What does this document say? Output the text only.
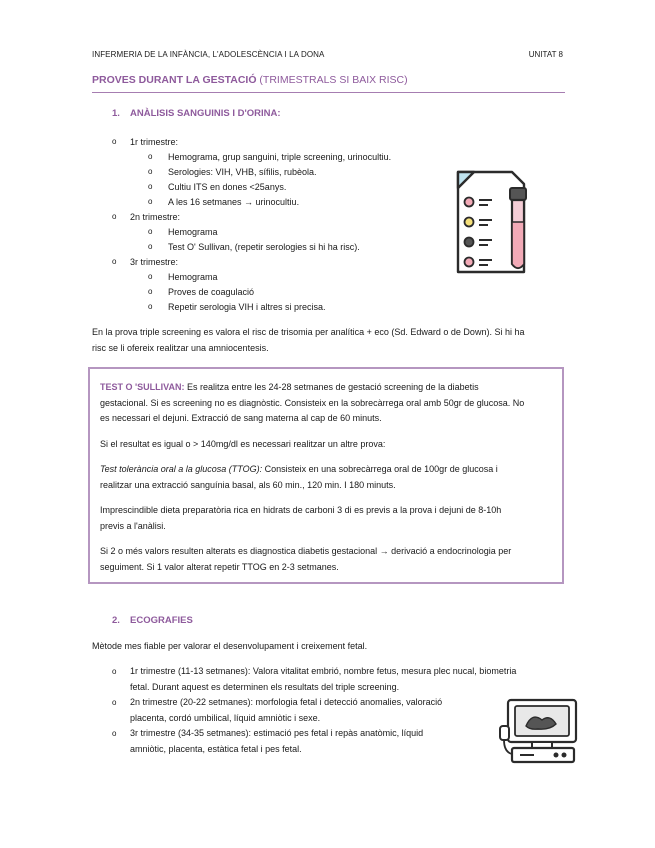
INFERMERIA DE LA INFÀNCIA, L'ADOLESCÈNCIA I LA DONA	UNITAT 8
PROVES DURANT LA GESTACIÓ (TRIMESTRALS SI BAIX RISC)
1. ANÀLISIS SANGUINIS I D'ORINA:
o 1r trimestre:
o Hemograma, grup sanguini, triple screening, urinocultiu.
o Serologies: VIH, VHB, sífilis, rubèola.
o Cultiu ITS en dones <25anys.
o A les 16 setmanes → urinocultiu.
o 2n trimestre:
o Hemograma
o Test O' Sullivan, (repetir serologies si hi ha risc).
o 3r trimestre:
o Hemograma
o Proves de coagulació
o Repetir serologia VIH i altres si precisa.
En la prova triple screening es valora el risc de trisomia per analítica + eco (Sd. Edward o de Down). Si hi ha
risc se li ofereix realitzar una amniocentesis.
TEST O 'SULLIVAN: Es realitza entre les 24-28 setmanes de gestació screening de la diabetis
gestacional. Si es screening no es diagnòstic. Consisteix en la sobrecàrrega oral amb 50gr de glucosa. No
es necessari el dejuni. Extracció de sang materna al cap de 60 minuts.
Si el resultat es igual o > 140mg/dl es necessari realitzar un altre prova:
Test tolerància oral a la glucosa (TTOG): Consisteix en una sobrecàrrega oral de 100gr de glucosa i
realitzar una extracció sanguínia basal, als 60 min., 120 min. I 180 minuts.
Imprescindible dieta preparatòria rica en hidrats de carboni 3 di es previs a la prova i dejuni de 8-10h
previs a l'anàlisi.
Si 2 o més valors resulten alterats es diagnostica diabetis gestacional → derivació a endocrinologia per
seguiment. Si 1 valor alterat repetir TTOG en 2-3 setmanes.
2. ECOGRAFIES
Mètode mes fiable per valorar el desenvolupament i creixement fetal.
o 1r trimestre (11-13 setmanes): Valora vitalitat embrió, nombre fetus, mesura plec nucal, biometria
fetal. Durant aquest es determinen els resultats del triple screening.
o 2n trimestre (20-22 setmanes): morfologia fetal i detecció anomalies, valoració
placenta, cordó umbilical, líquid amniòtic i sexe.
o 3r trimestre (34-35 setmanes): estimació pes fetal i repàs anatòmic, líquid
amniòtic, placenta, estàtica fetal i pes fetal.
